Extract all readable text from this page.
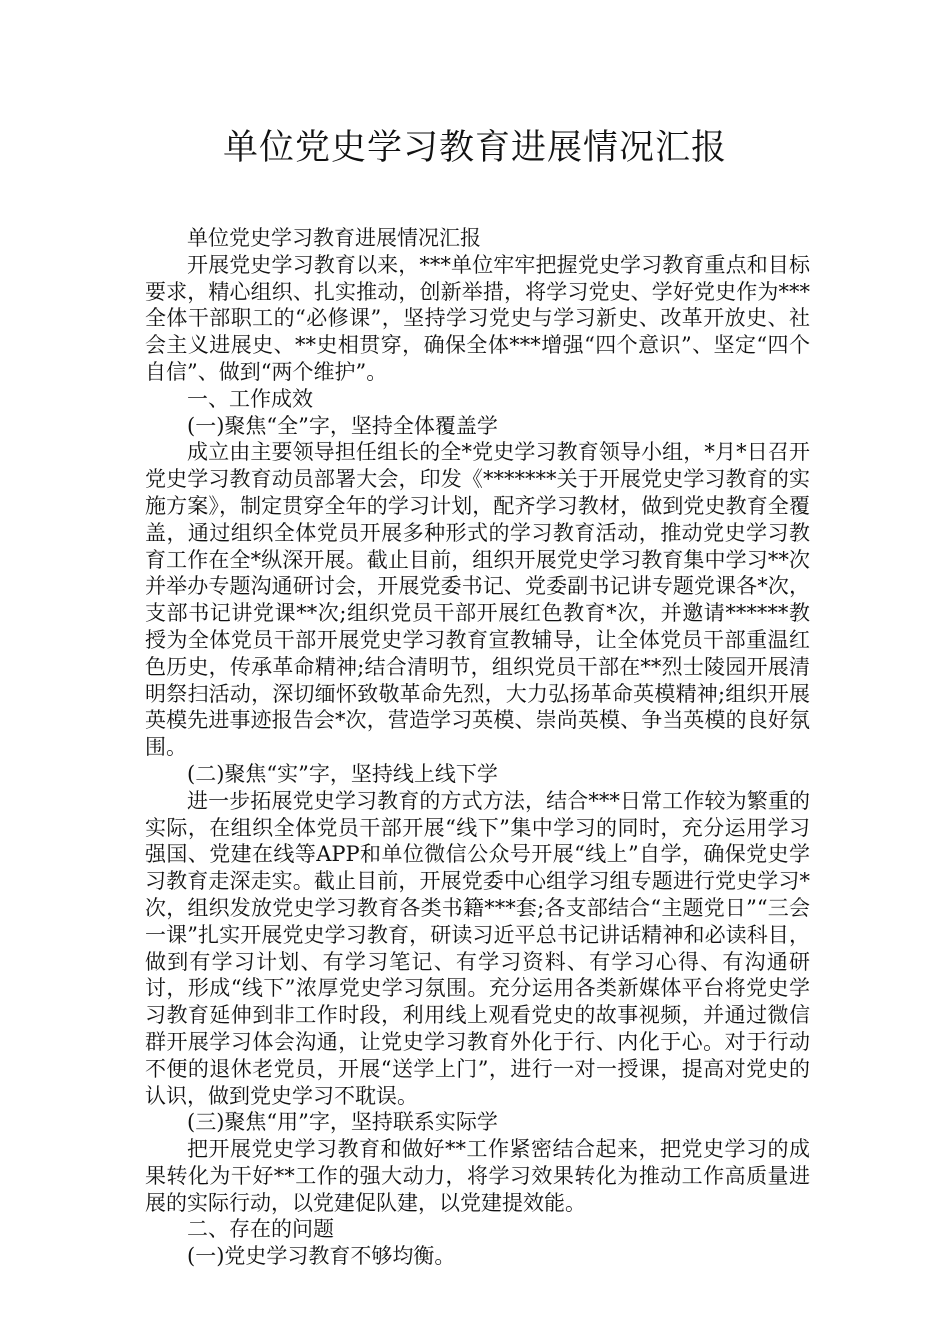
单位党史学习教育进展情况汇报

单位党史学习教育进展情况汇报

开展党史学习教育以来，***单位牢牢把握党史学习教育重点和目标要求，精心组织、扎实推动，创新举措，将学习党史、学好党史作为***全体干部职工的“必修课”，坚持学习党史与学习新史、改革开放史、社会主义进展史、**史相贯穿，确保全体***增强“四个意识”、坚定“四个自信”、做到“两个维护”。

一、工作成效

(一)聚焦“全”字，坚持全体覆盖学

成立由主要领导担任组长的全*党史学习教育领导小组，*月*日召开党史学习教育动员部署大会，印发《*******关于开展党史学习教育的实施方案》，制定贯穿全年的学习计划，配齐学习教材，做到党史教育全覆盖，通过组织全体党员开展多种形式的学习教育活动，推动党史学习教育工作在全*纵深开展。截止目前，组织开展党史学习教育集中学习**次并举办专题沟通研讨会，开展党委书记、党委副书记讲专题党课各*次，支部书记讲党课**次;组织党员干部开展红色教育*次，并邀请******教授为全体党员干部开展党史学习教育宣教辅导，让全体党员干部重温红色历史，传承革命精神;结合清明节，组织党员干部在**烈士陵园开展清明祭扫活动，深切缅怀致敬革命先烈，大力弘扬革命英模精神;组织开展英模先进事迹报告会*次，营造学习英模、崇尚英模、争当英模的良好氛围。

(二)聚焦“实”字，坚持线上线下学

进一步拓展党史学习教育的方式方法，结合***日常工作较为繁重的实际，在组织全体党员干部开展“线下”集中学习的同时，充分运用学习强国、党建在线等APP和单位微信公众号开展“线上”自学，确保党史学习教育走深走实。截止目前，开展党委中心组学习组专题进行党史学习*次，组织发放党史学习教育各类书籍***套;各支部结合“主题党日”“三会一课”扎实开展党史学习教育，研读习近平总书记讲话精神和必读科目，做到有学习计划、有学习笔记、有学习资料、有学习心得、有沟通研讨，形成“线下”浓厚党史学习氛围。充分运用各类新媒体平台将党史学习教育延伸到非工作时段，利用线上观看党史的故事视频，并通过微信群开展学习体会沟通，让党史学习教育外化于行、内化于心。对于行动不便的退休老党员，开展“送学上门”，进行一对一授课，提高对党史的认识，做到党史学习不耽误。

(三)聚焦“用”字，坚持联系实际学

把开展党史学习教育和做好**工作紧密结合起来，把党史学习的成果转化为干好**工作的强大动力，将学习效果转化为推动工作高质量进展的实际行动，以党建促队建，以党建提效能。

二、存在的问题

(一)党史学习教育不够均衡。
